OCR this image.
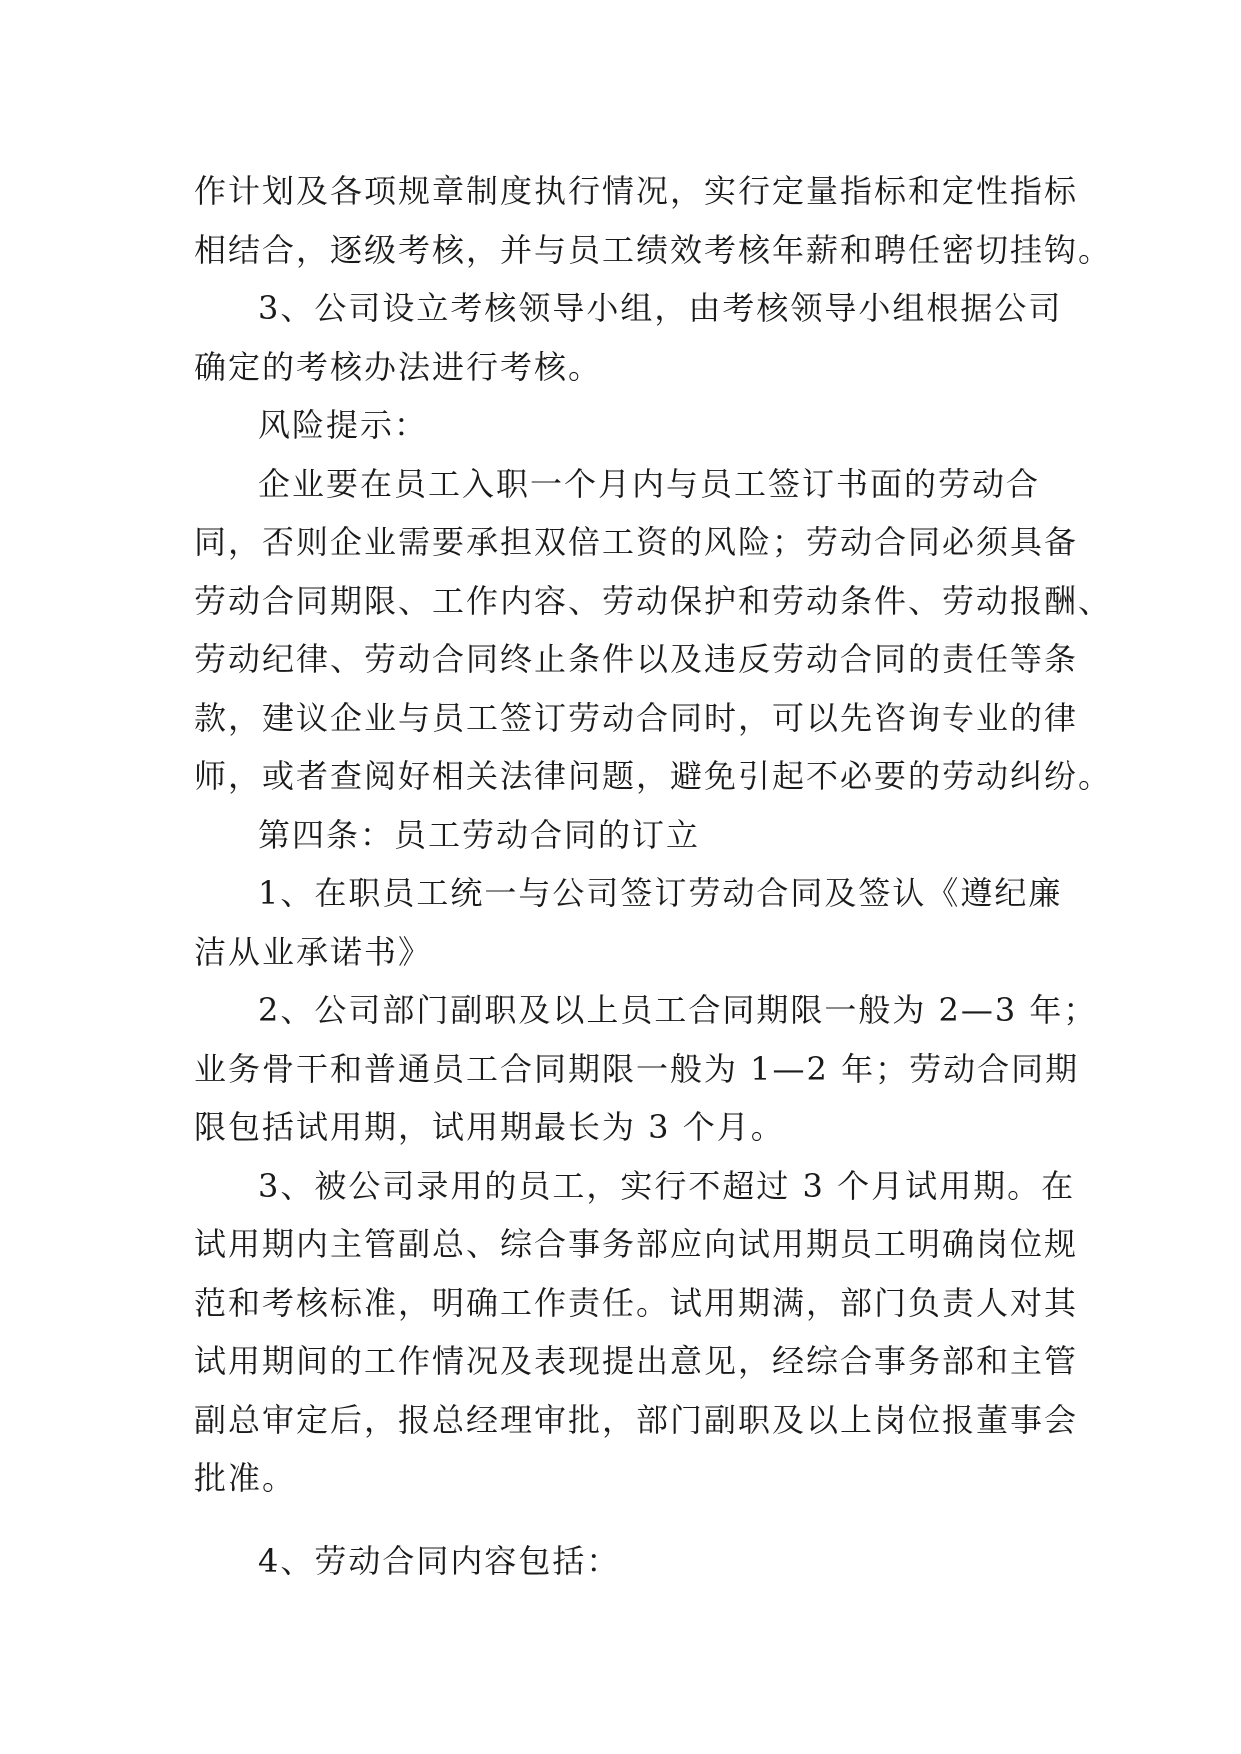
作计划及各项规章制度执行情况，实行定量指标和定性指标
相结合，逐级考核，并与员工绩效考核年薪和聘任密切挂钩。
3、公司设立考核领导小组，由考核领导小组根据公司
确定的考核办法进行考核。
风险提示：
企业要在员工入职一个月内与员工签订书面的劳动合
同，否则企业需要承担双倍工资的风险；劳动合同必须具备
劳动合同期限、工作内容、劳动保护和劳动条件、劳动报酬、
劳动纪律、劳动合同终止条件以及违反劳动合同的责任等条
款，建议企业与员工签订劳动合同时，可以先咨询专业的律
师，或者查阅好相关法律问题，避免引起不必要的劳动纠纷。
第四条：员工劳动合同的订立
1、在职员工统一与公司签订劳动合同及签认《遵纪廉
洁从业承诺书》
2、公司部门副职及以上员工合同期限一般为 2—3 年；
业务骨干和普通员工合同期限一般为 1—2 年；劳动合同期
限包括试用期，试用期最长为 3 个月。
3、被公司录用的员工，实行不超过 3 个月试用期。在
试用期内主管副总、综合事务部应向试用期员工明确岗位规
范和考核标准，明确工作责任。试用期满，部门负责人对其
试用期间的工作情况及表现提出意见，经综合事务部和主管
副总审定后，报总经理审批，部门副职及以上岗位报董事会
批准。
4、劳动合同内容包括：
